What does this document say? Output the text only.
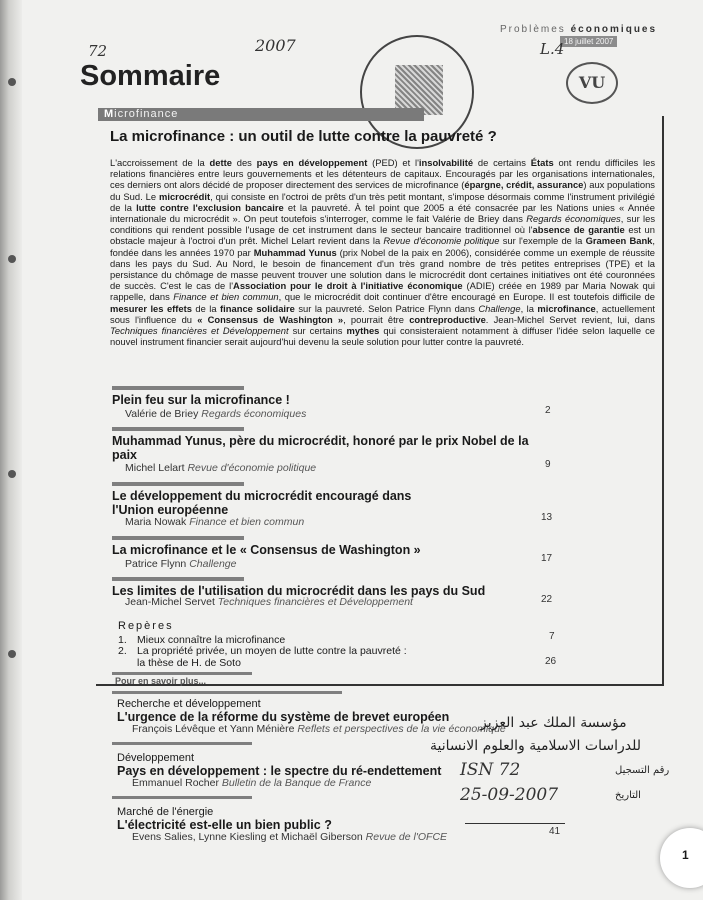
Problèmes économiques
18 juillet 2007
72	2007	L.4
VU
Sommaire
Microfinance
La microfinance : un outil de lutte contre la pauvreté ?
L'accroissement de la dette des pays en développement (PED) et l'insolvabilité de certains États ont rendu difficiles les relations financières entre leurs gouvernements et les détenteurs de capitaux. Encouragés par les organisations internationales, ces derniers ont alors décidé de proposer directement des services de microfinance (épargne, crédit, assurance) aux populations du Sud. Le microcrédit, qui consiste en l'octroi de prêts d'un très petit montant, s'impose désormais comme l'instrument privilégié de la lutte contre l'exclusion bancaire et la pauvreté. À tel point que 2005 a été consacrée par les Nations unies « Année internationale du microcrédit ». On peut toutefois s'interroger, comme le fait Valérie de Briey dans Regards économiques, sur les conditions qui rendent possible l'usage de cet instrument dans le secteur bancaire traditionnel où l'absence de garantie est un obstacle majeur à l'octroi d'un prêt. Michel Lelart revient dans la Revue d'économie politique sur l'exemple de la Grameen Bank, fondée dans les années 1970 par Muhammad Yunus (prix Nobel de la paix en 2006), considérée comme un exemple de réussite dans les pays du Sud. Au Nord, le besoin de financement d'un très grand nombre de très petites entreprises (TPE) et la persistance du chômage de masse peuvent trouver une solution dans le microcrédit dont certaines initiatives ont été couronnées de succès. C'est le cas de l'Association pour le droit à l'initiative économique (ADIE) créée en 1989 par Maria Nowak qui rappelle, dans Finance et bien commun, que le microcrédit doit continuer d'être encouragé en Europe. Il est toutefois difficile de mesurer les effets de la finance solidaire sur la pauvreté. Selon Patrice Flynn dans Challenge, la microfinance, actuellement sous l'influence du « Consensus de Washington », pourrait être contreproductive. Jean-Michel Servet revient, lui, dans Techniques financières et Développement sur certains mythes qui consisteraient notamment à diffuser l'idée selon laquelle ce nouvel instrument financier serait aujourd'hui devenu la seule solution pour lutter contre la pauvreté.
Plein feu sur la microfinance !
Valérie de Briey Regards économiques	2
Muhammad Yunus, père du microcrédit, honoré par le prix Nobel de la paix
Michel Lelart Revue d'économie politique	9
Le développement du microcrédit encouragé dans l'Union européenne
Maria Nowak Finance et bien commun	13
La microfinance et le « Consensus de Washington »
Patrice Flynn Challenge	17
Les limites de l'utilisation du microcrédit dans les pays du Sud
Jean-Michel Servet Techniques financières et Développement	22
Repères
1. Mieux connaître la microfinance	7
2. La propriété privée, un moyen de lutte contre la pauvreté :
la thèse de H. de Soto	26
Pour en savoir plus...
Recherche et développement
L'urgence de la réforme du système de brevet européen
François Lévêque et Yann Ménière Reflets et perspectives de la vie économique
Développement
Pays en développement : le spectre du ré-endettement
Emmanuel Rocher Bulletin de la Banque de France
Marché de l'énergie
L'électricité est-elle un bien public ?
Evens Salies, Lynne Kiesling et Michaël Giberson Revue de l'OFCE	41
مؤسسة الملك عبد العزيز
للدراسات الاسلامية والعلوم الانسانية
رقم التسجيل
ISN 72
التاريخ
25-09-2007
1
